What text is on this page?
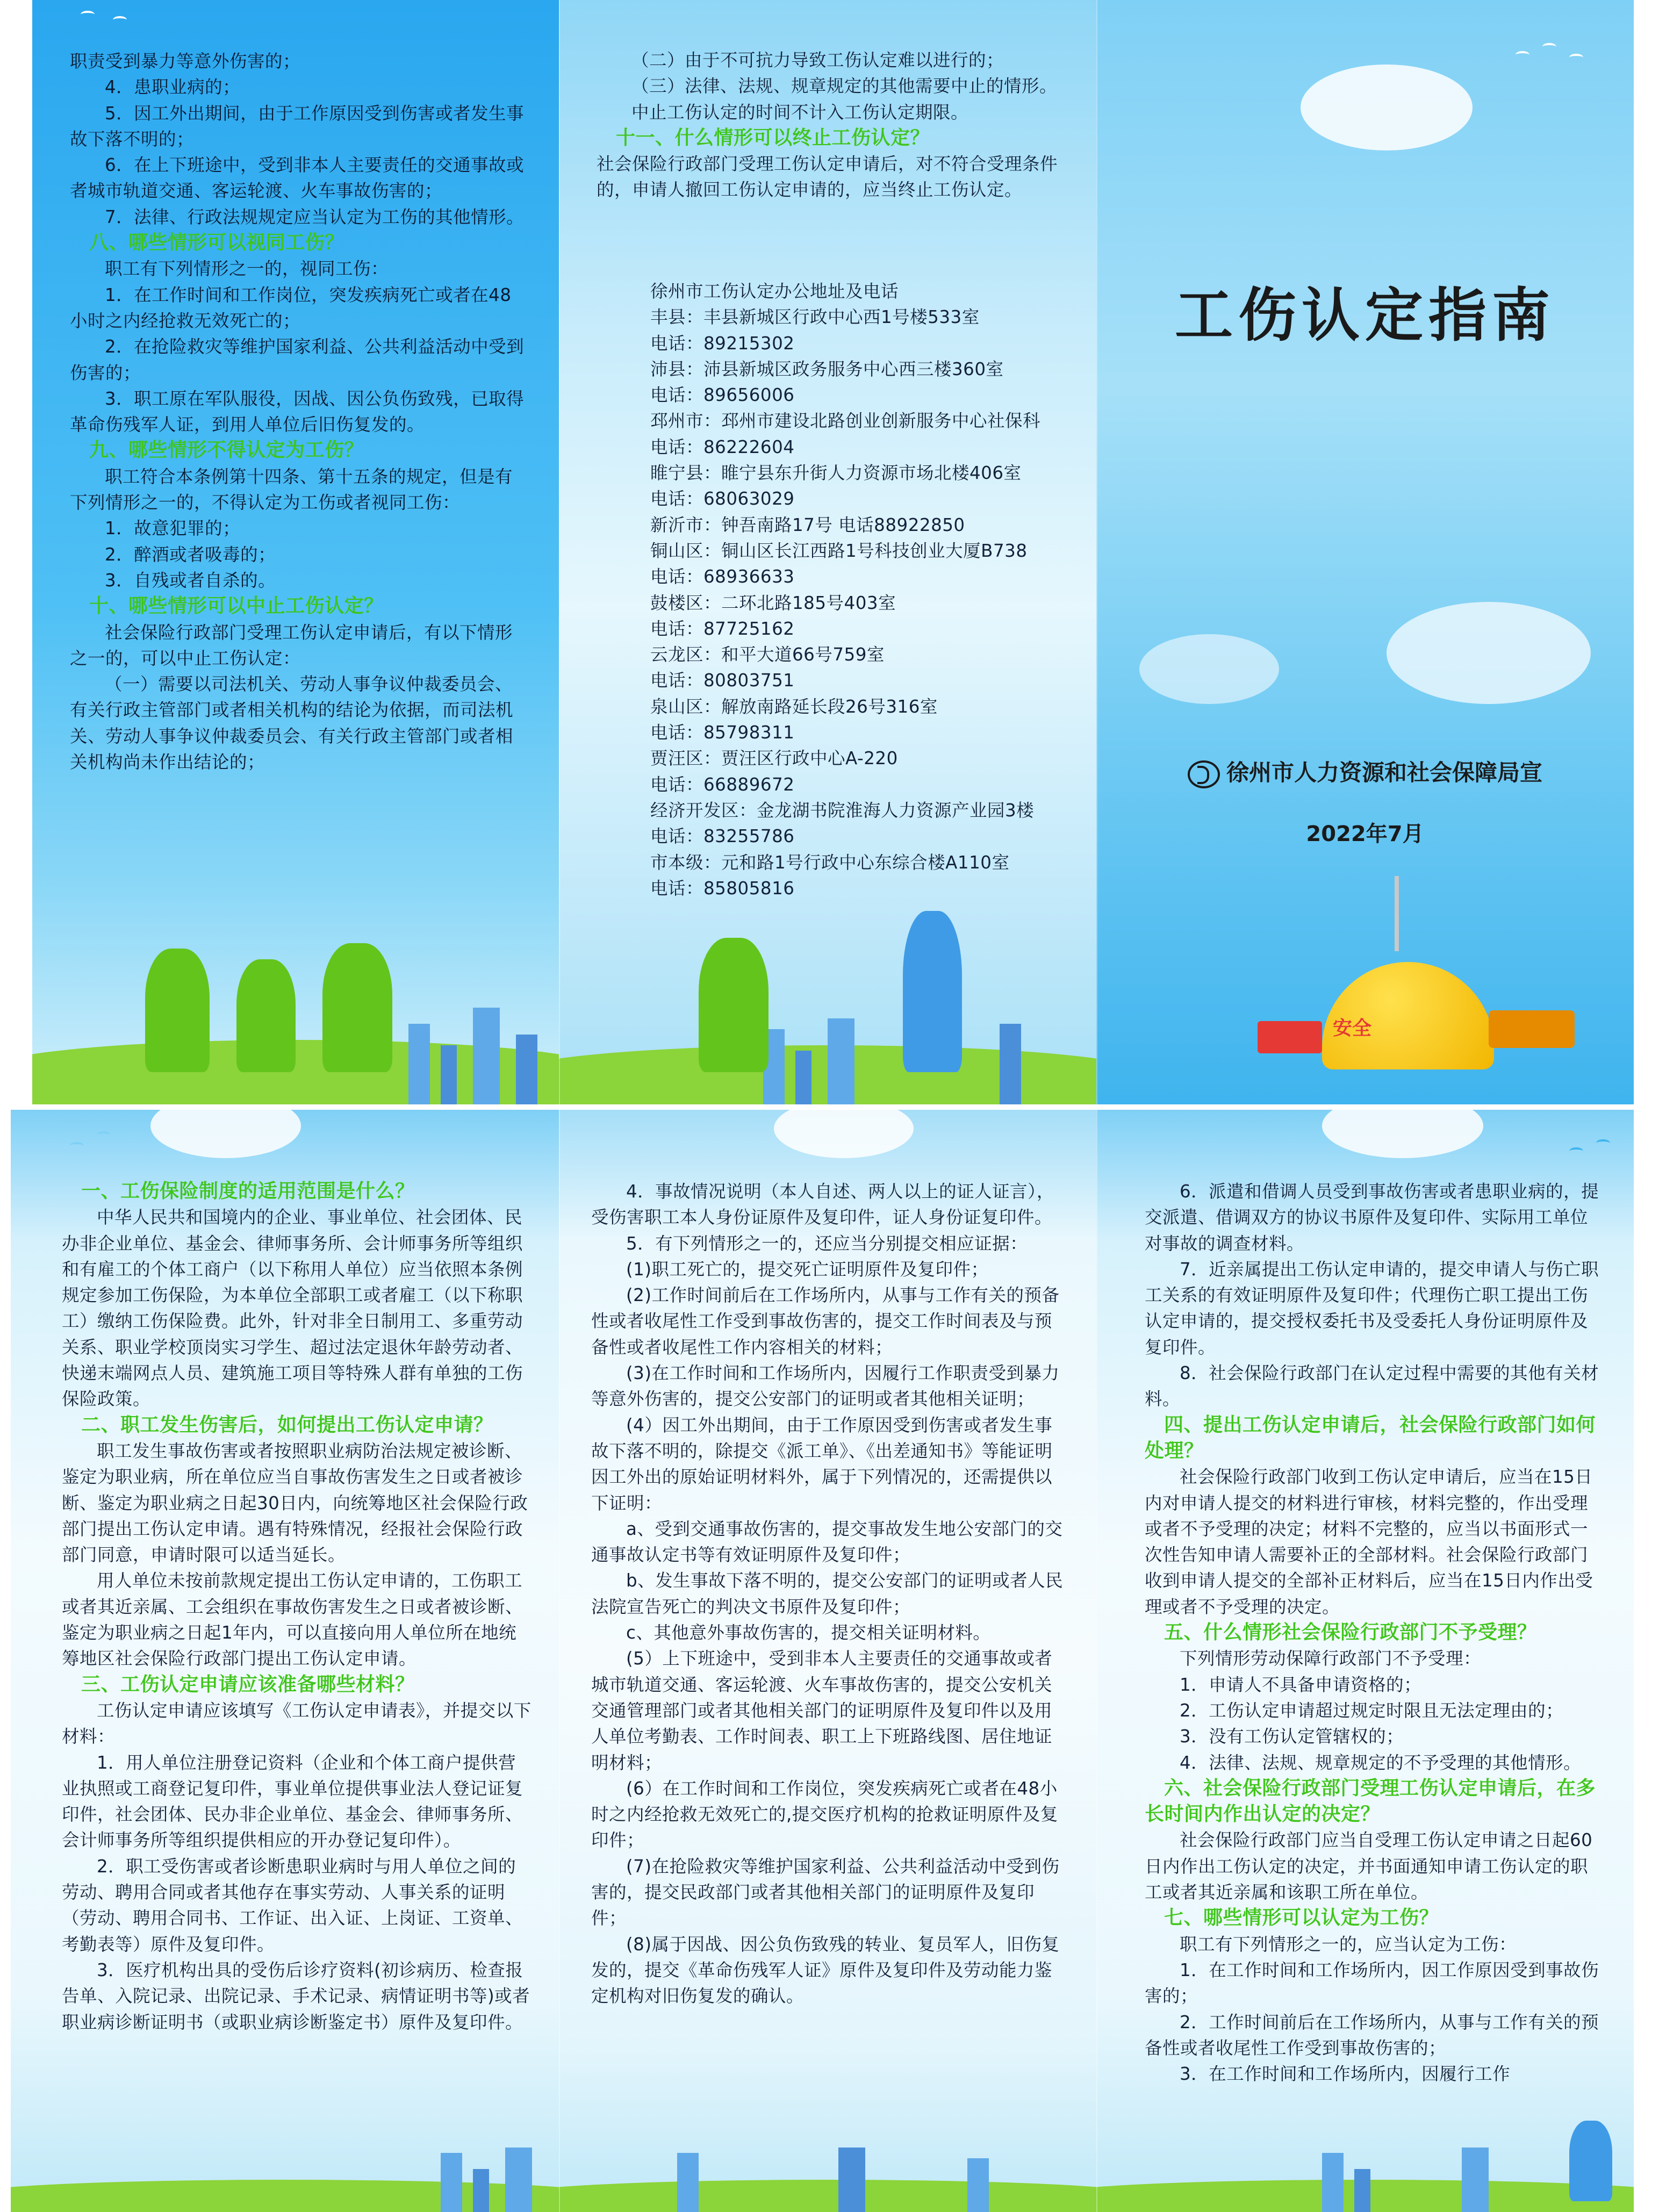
职责受到暴力等意外伤害的；

4．患职业病的；

5．因工外出期间，由于工作原因受到伤害或者发生事故下落不明的；

6．在上下班途中，受到非本人主要责任的交通事故或者城市轨道交通、客运轮渡、火车事故伤害的；

7．法律、行政法规规定应当认定为工伤的其他情形。

八、哪些情形可以视同工伤？

职工有下列情形之一的，视同工伤：

1．在工作时间和工作岗位，突发疾病死亡或者在48小时之内经抢救无效死亡的；

2．在抢险救灾等维护国家利益、公共利益活动中受到伤害的；

3．职工原在军队服役，因战、因公负伤致残，已取得革命伤残军人证，到用人单位后旧伤复发的。

九、哪些情形不得认定为工伤？

职工符合本条例第十四条、第十五条的规定，但是有下列情形之一的，不得认定为工伤或者视同工伤：

1．故意犯罪的；

2．醉酒或者吸毒的；

3．自残或者自杀的。

十、哪些情形可以中止工伤认定？

社会保险行政部门受理工伤认定申请后，有以下情形之一的，可以中止工伤认定：

（一）需要以司法机关、劳动人事争议仲裁委员会、有关行政主管部门或者相关机构的结论为依据，而司法机关、劳动人事争议仲裁委员会、有关行政主管部门或者相关机构尚未作出结论的；

（二）由于不可抗力导致工伤认定难以进行的；

（三）法律、法规、规章规定的其他需要中止的情形。

中止工伤认定的时间不计入工伤认定期限。

十一、什么情形可以终止工伤认定？

社会保险行政部门受理工伤认定申请后，对不符合受理条件的，申请人撤回工伤认定申请的，应当终止工伤认定。

徐州市工伤认定办公地址及电话

丰县：丰县新城区行政中心西1号楼533室

电话：89215302

沛县：沛县新城区政务服务中心西三楼360室

电话：89656006

邳州市：邳州市建设北路创业创新服务中心社保科

电话：86222604

睢宁县：睢宁县东升街人力资源市场北楼406室

电话：68063029

新沂市：钟吾南路17号 电话88922850

铜山区：铜山区长江西路1号科技创业大厦B738

电话：68936633

鼓楼区：二环北路185号403室

电话：87725162

云龙区：和平大道66号759室

电话：80803751

泉山区：解放南路延长段26号316室

电话：85798311

贾汪区：贾汪区行政中心A-220

电话：66889672

经济开发区：金龙湖书院淮海人力资源产业园3楼

电话：83255786

市本级：元和路1号行政中心东综合楼A110室

电话：85805816

工伤认定指南
徐州市人力资源和社会保障局宣
2022年7月
安全

一、工伤保险制度的适用范围是什么？

中华人民共和国境内的企业、事业单位、社会团体、民办非企业单位、基金会、律师事务所、会计师事务所等组织和有雇工的个体工商户（以下称用人单位）应当依照本条例规定参加工伤保险，为本单位全部职工或者雇工（以下称职工）缴纳工伤保险费。此外，针对非全日制用工、多重劳动关系、职业学校顶岗实习学生、超过法定退休年龄劳动者、快递末端网点人员、建筑施工项目等特殊人群有单独的工伤保险政策。

二、职工发生伤害后，如何提出工伤认定申请？

职工发生事故伤害或者按照职业病防治法规定被诊断、鉴定为职业病，所在单位应当自事故伤害发生之日或者被诊断、鉴定为职业病之日起30日内，向统筹地区社会保险行政部门提出工伤认定申请。遇有特殊情况，经报社会保险行政部门同意，申请时限可以适当延长。

用人单位未按前款规定提出工伤认定申请的，工伤职工或者其近亲属、工会组织在事故伤害发生之日或者被诊断、鉴定为职业病之日起1年内，可以直接向用人单位所在地统筹地区社会保险行政部门提出工伤认定申请。

三、工伤认定申请应该准备哪些材料？

工伤认定申请应该填写《工伤认定申请表》，并提交以下材料：

1．用人单位注册登记资料（企业和个体工商户提供营业执照或工商登记复印件，事业单位提供事业法人登记证复印件，社会团体、民办非企业单位、基金会、律师事务所、会计师事务所等组织提供相应的开办登记复印件）。

2．职工受伤害或者诊断患职业病时与用人单位之间的劳动、聘用合同或者其他存在事实劳动、人事关系的证明（劳动、聘用合同书、工作证、出入证、上岗证、工资单、考勤表等）原件及复印件。

3．医疗机构出具的受伤后诊疗资料(初诊病历、检查报告单、入院记录、出院记录、手术记录、病情证明书等)或者职业病诊断证明书（或职业病诊断鉴定书）原件及复印件。

4．事故情况说明（本人自述、两人以上的证人证言），受伤害职工本人身份证原件及复印件，证人身份证复印件。

5．有下列情形之一的，还应当分别提交相应证据：

(1)职工死亡的，提交死亡证明原件及复印件；

(2)工作时间前后在工作场所内，从事与工作有关的预备性或者收尾性工作受到事故伤害的，提交工作时间表及与预备性或者收尾性工作内容相关的材料；

(3)在工作时间和工作场所内，因履行工作职责受到暴力等意外伤害的，提交公安部门的证明或者其他相关证明；

(4）因工外出期间，由于工作原因受到伤害或者发生事故下落不明的，除提交《派工单》、《出差通知书》等能证明因工外出的原始证明材料外，属于下列情况的，还需提供以下证明：

a、受到交通事故伤害的，提交事故发生地公安部门的交通事故认定书等有效证明原件及复印件；

b、发生事故下落不明的，提交公安部门的证明或者人民法院宣告死亡的判决文书原件及复印件；

c、其他意外事故伤害的，提交相关证明材料。

(5）上下班途中，受到非本人主要责任的交通事故或者城市轨道交通、客运轮渡、火车事故伤害的，提交公安机关交通管理部门或者其他相关部门的证明原件及复印件以及用人单位考勤表、工作时间表、职工上下班路线图、居住地证明材料；

(6）在工作时间和工作岗位，突发疾病死亡或者在48小时之内经抢救无效死亡的,提交医疗机构的抢救证明原件及复印件；

(7)在抢险救灾等维护国家利益、公共利益活动中受到伤害的，提交民政部门或者其他相关部门的证明原件及复印件；

(8)属于因战、因公负伤致残的转业、复员军人，旧伤复发的，提交《革命伤残军人证》原件及复印件及劳动能力鉴定机构对旧伤复发的确认。

6．派遣和借调人员受到事故伤害或者患职业病的，提交派遣、借调双方的协议书原件及复印件、实际用工单位对事故的调查材料。

7．近亲属提出工伤认定申请的，提交申请人与伤亡职工关系的有效证明原件及复印件；代理伤亡职工提出工伤认定申请的，提交授权委托书及受委托人身份证明原件及复印件。

8．社会保险行政部门在认定过程中需要的其他有关材料。

四、提出工伤认定申请后，社会保险行政部门如何处理？

社会保险行政部门收到工伤认定申请后，应当在15日内对申请人提交的材料进行审核，材料完整的，作出受理或者不予受理的决定；材料不完整的，应当以书面形式一次性告知申请人需要补正的全部材料。社会保险行政部门收到申请人提交的全部补正材料后，应当在15日内作出受理或者不予受理的决定。

五、什么情形社会保险行政部门不予受理？

下列情形劳动保障行政部门不予受理：

1．申请人不具备申请资格的；

2．工伤认定申请超过规定时限且无法定理由的；

3．没有工伤认定管辖权的；

4．法律、法规、规章规定的不予受理的其他情形。

六、社会保险行政部门受理工伤认定申请后，在多长时间内作出认定的决定？

社会保险行政部门应当自受理工伤认定申请之日起60日内作出工伤认定的决定，并书面通知申请工伤认定的职工或者其近亲属和该职工所在单位。

七、哪些情形可以认定为工伤？

职工有下列情形之一的，应当认定为工伤：

1．在工作时间和工作场所内，因工作原因受到事故伤害的；

2．工作时间前后在工作场所内，从事与工作有关的预备性或者收尾性工作受到事故伤害的；

3．在工作时间和工作场所内，因履行工作
